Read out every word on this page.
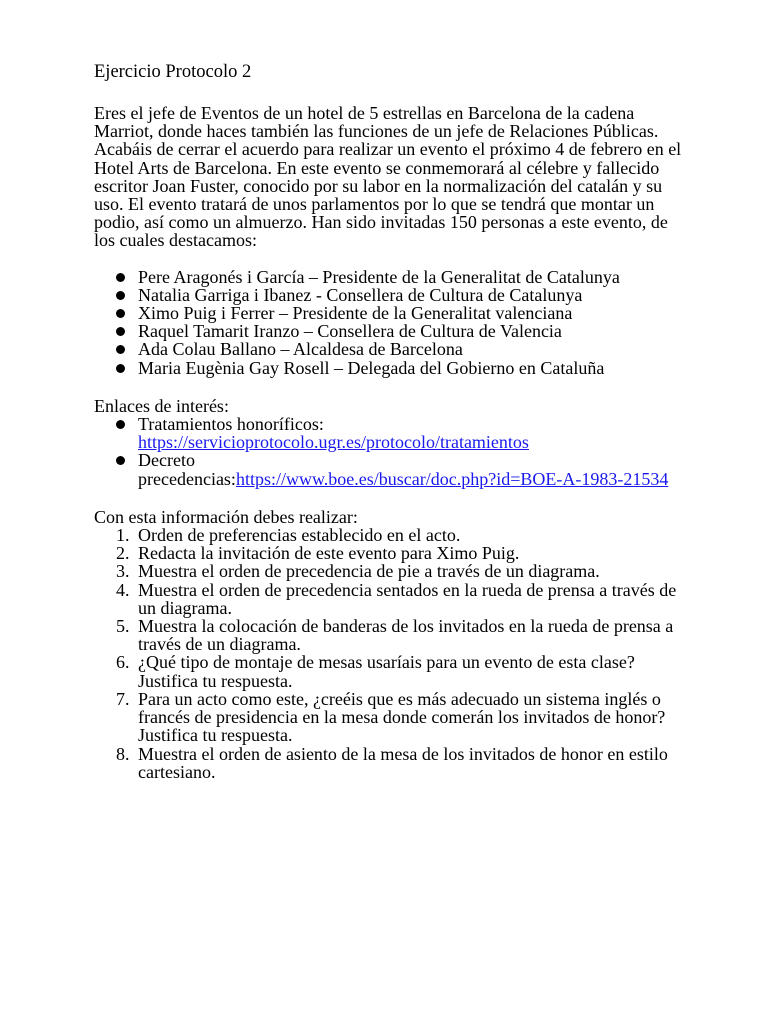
Ejercicio Protocolo 2

Eres el jefe de Eventos de un hotel de 5 estrellas en Barcelona de la cadena Marriot, donde haces también las funciones de un jefe de Relaciones Públicas. Acabáis de cerrar el acuerdo para realizar un evento el próximo 4 de febrero en el Hotel Arts de Barcelona. En este evento se conmemorará al célebre y fallecido escritor Joan Fuster, conocido por su labor en la normalización del catalán y su uso. El evento tratará de unos parlamentos por lo que se tendrá que montar un podio, así como un almuerzo. Han sido invitadas 150 personas a este evento, de los cuales destacamos:

Pere Aragonés i García – Presidente de la Generalitat de Catalunya
Natalia Garriga i Ibanez - Consellera de Cultura de Catalunya
Ximo Puig i Ferrer – Presidente de la Generalitat valenciana
Raquel Tamarit Iranzo – Consellera de Cultura de Valencia
Ada Colau Ballano – Alcaldesa de Barcelona
Maria Eugènia Gay Rosell – Delegada del Gobierno en Cataluña

Enlaces de interés:

Tratamientos honoríficos:
https://servicioprotocolo.ugr.es/protocolo/tratamientos
Decreto
precedencias:https://www.boe.es/buscar/doc.php?id=BOE-A-1983-21534

Con esta información debes realizar:

1. Orden de preferencias establecido en el acto.
2. Redacta la invitación de este evento para Ximo Puig.
3. Muestra el orden de precedencia de pie a través de un diagrama.
4. Muestra el orden de precedencia sentados en la rueda de prensa a través de un diagrama.
5. Muestra la colocación de banderas de los invitados en la rueda de prensa a través de un diagrama.
6. ¿Qué tipo de montaje de mesas usaríais para un evento de esta clase? Justifica tu respuesta.
7. Para un acto como este, ¿creéis que es más adecuado un sistema inglés o francés de presidencia en la mesa donde comerán los invitados de honor? Justifica tu respuesta.
8. Muestra el orden de asiento de la mesa de los invitados de honor en estilo cartesiano.
